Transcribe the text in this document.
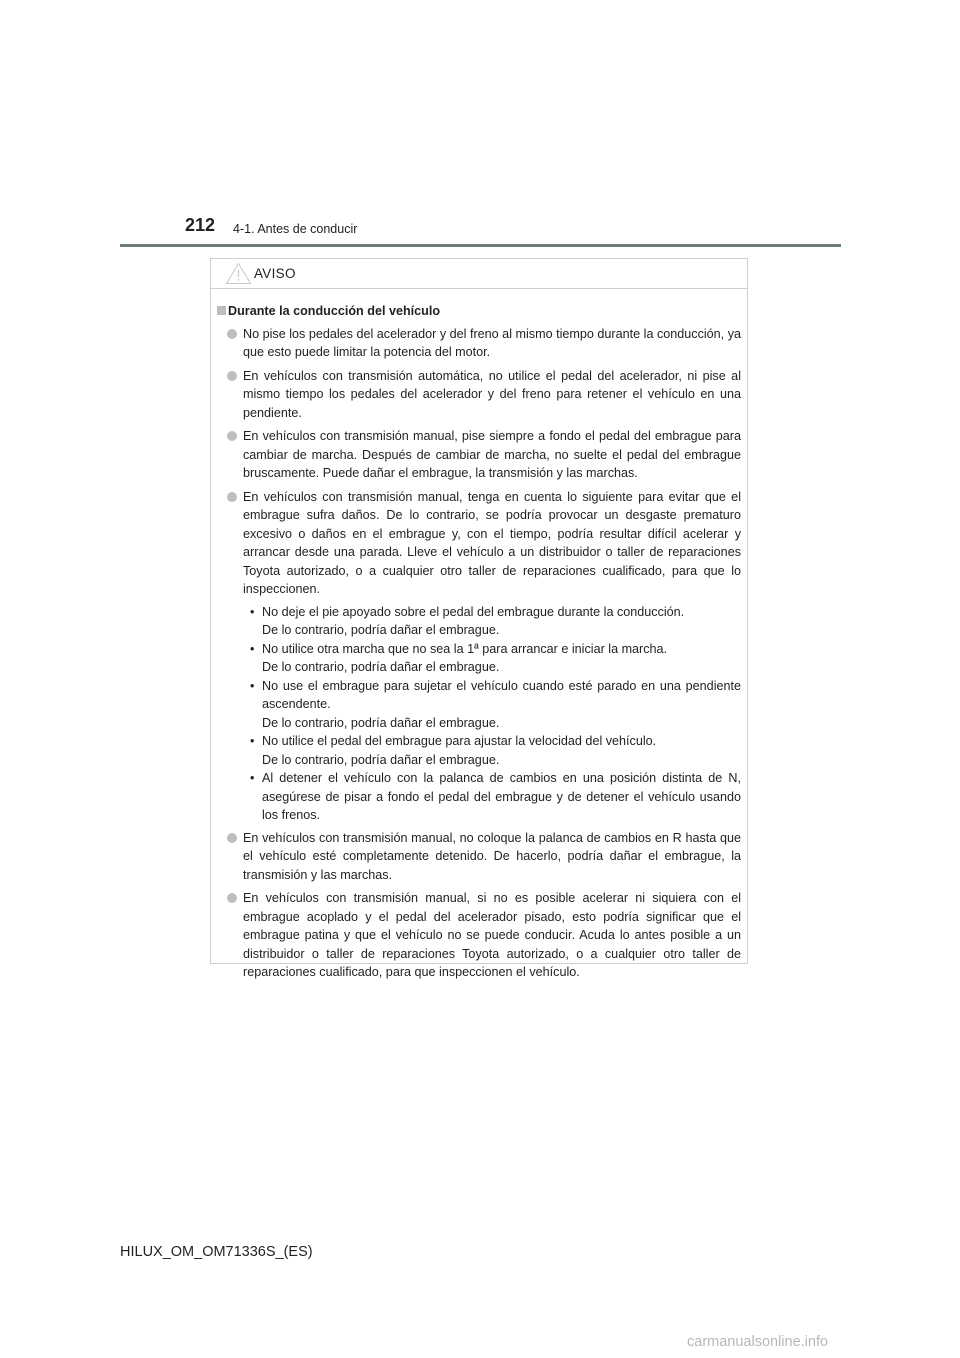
212 4-1. Antes de conducir
AVISO
Durante la conducción del vehículo
No pise los pedales del acelerador y del freno al mismo tiempo durante la conducción, ya que esto puede limitar la potencia del motor.
En vehículos con transmisión automática, no utilice el pedal del acelerador, ni pise al mismo tiempo los pedales del acelerador y del freno para retener el vehículo en una pendiente.
En vehículos con transmisión manual, pise siempre a fondo el pedal del embrague para cambiar de marcha. Después de cambiar de marcha, no suelte el pedal del embrague bruscamente. Puede dañar el embrague, la transmisión y las marchas.
En vehículos con transmisión manual, tenga en cuenta lo siguiente para evitar que el embrague sufra daños. De lo contrario, se podría provocar un desgaste prematuro excesivo o daños en el embrague y, con el tiempo, podría resultar difícil acelerar y arrancar desde una parada. Lleve el vehículo a un distribuidor o taller de reparaciones Toyota autorizado, o a cualquier otro taller de reparaciones cualificado, para que lo inspeccionen.
• No deje el pie apoyado sobre el pedal del embrague durante la conducción.
De lo contrario, podría dañar el embrague.
• No utilice otra marcha que no sea la 1ª para arrancar e iniciar la marcha.
De lo contrario, podría dañar el embrague.
• No use el embrague para sujetar el vehículo cuando esté parado en una pendiente ascendente.
De lo contrario, podría dañar el embrague.
• No utilice el pedal del embrague para ajustar la velocidad del vehículo.
De lo contrario, podría dañar el embrague.
• Al detener el vehículo con la palanca de cambios en una posición distinta de N, asegúrese de pisar a fondo el pedal del embrague y de detener el vehículo usando los frenos.
En vehículos con transmisión manual, no coloque la palanca de cambios en R hasta que el vehículo esté completamente detenido. De hacerlo, podría dañar el embrague, la transmisión y las marchas.
En vehículos con transmisión manual, si no es posible acelerar ni siquiera con el embrague acoplado y el pedal del acelerador pisado, esto podría significar que el embrague patina y que el vehículo no se puede conducir. Acuda lo antes posible a un distribuidor o taller de reparaciones Toyota autorizado, o a cualquier otro taller de reparaciones cualificado, para que inspeccionen el vehículo.
HILUX_OM_OM71336S_(ES)
carmanualsonline.info
